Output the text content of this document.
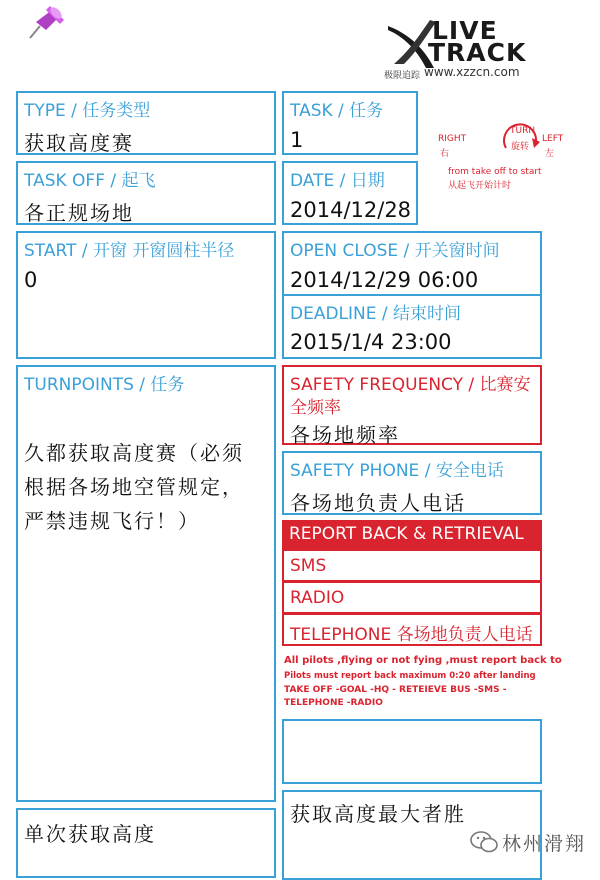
LIVE
TRACK
极限追踪 www.xzzcn.com
TYPE / 任务类型
获取高度赛
TASK / 任务
1	RIGHT
右
TURN
旋转
LEFT
左
from take off to start
从起飞开始计时
TASK OFF / 起飞
各正规场地
DATE / 日期
2014/12/28
START / 开窗 开窗圆柱半径
0
OPEN CLOSE / 开关窗时间
2014/12/29 06:00
DEADLINE / 结束时间
2015/1/4 23:00
TURNPOINTS / 任务
久都获取高度赛（必须
根据各场地空管规定，
严禁违规飞行！）
SAFETY FREQUENCY / 比赛安
全频率
各场地频率
SAFETY PHONE / 安全电话
各场地负责人电话
REPORT BACK & RETRIEVAL
SMS
RADIO
TELEPHONE 各场地负责人电话
All pilots ,flying or not fying ,must report back to
Pilots must report back maximum 0:20 after landing
TAKE OFF -GOAL -HQ - RETEIEVE BUS -SMS -
TELEPHONE -RADIO
单次获取高度
获取高度最大者胜
林州滑翔
